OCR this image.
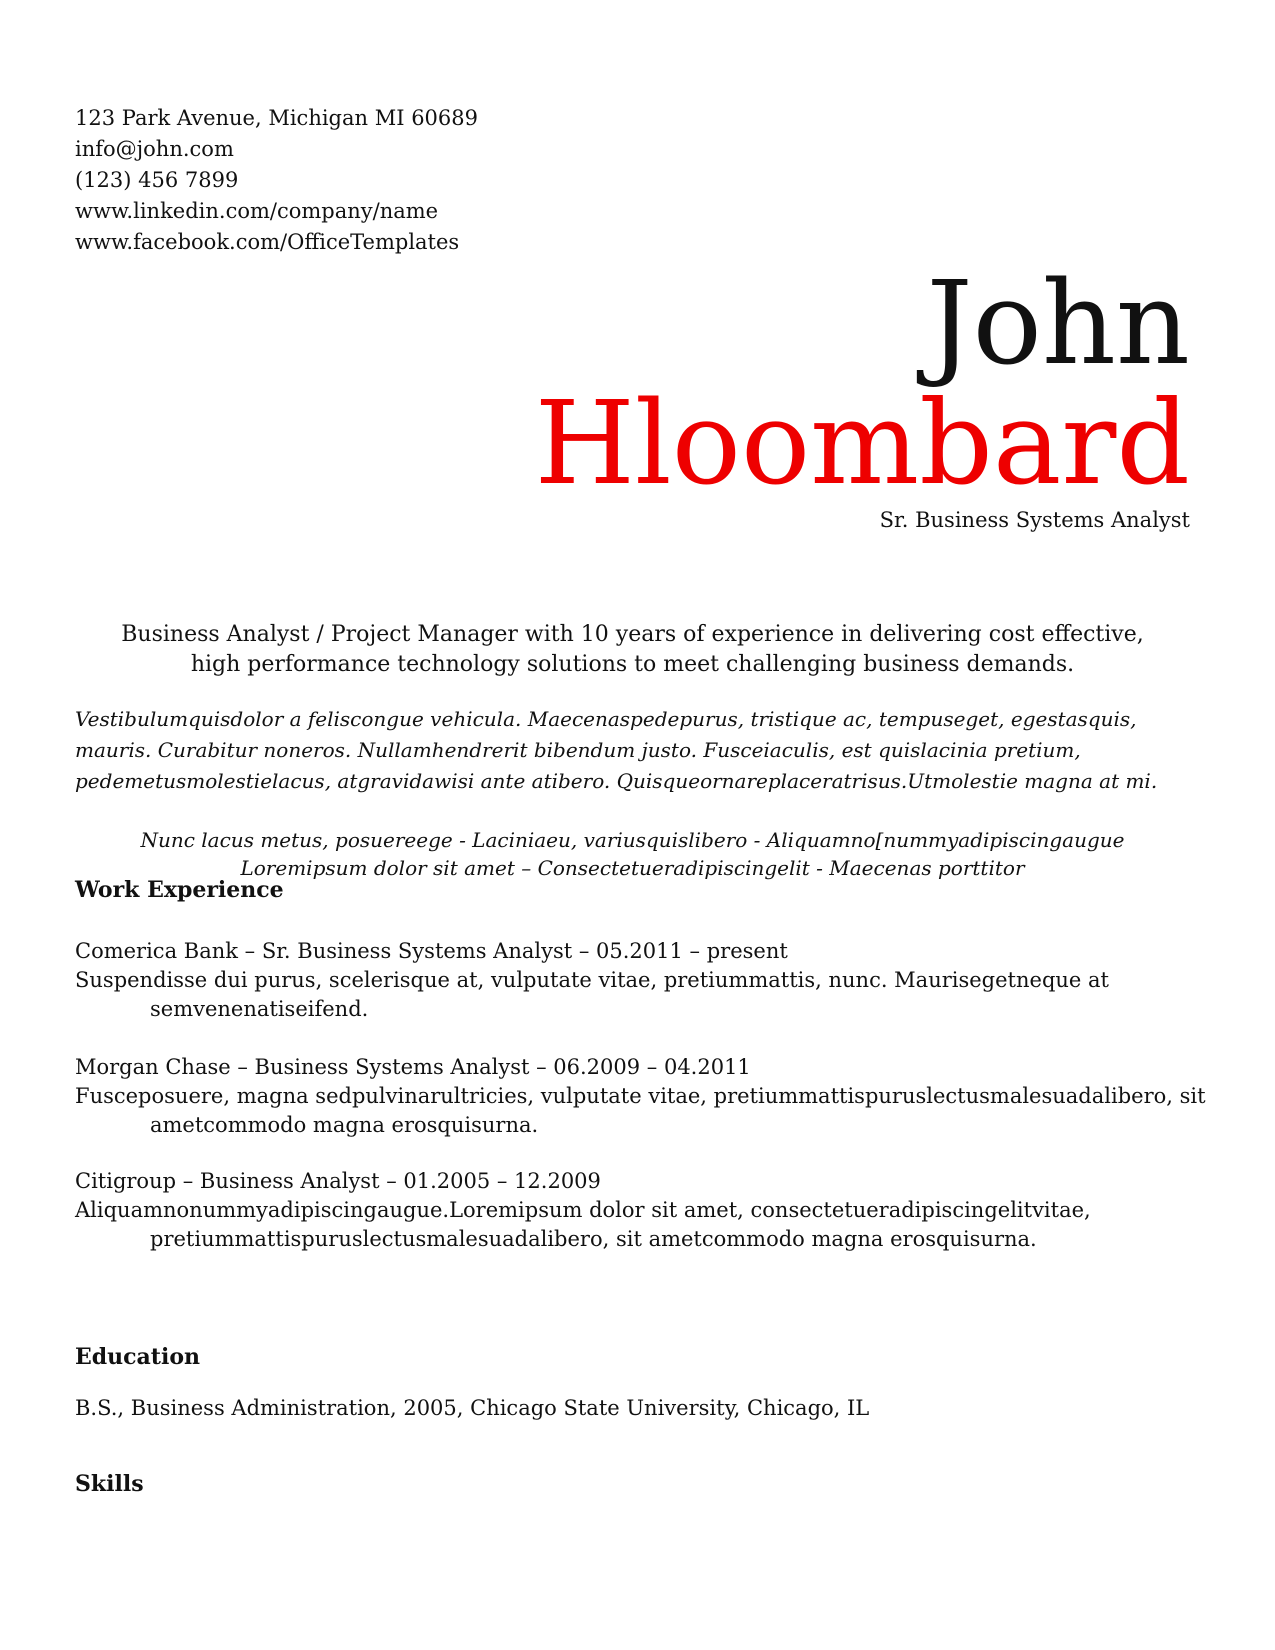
123 Park Avenue, Michigan MI 60689
info@john.com
(123) 456 7899
www.linkedin.com/company/name
www.facebook.com/OfficeTemplates
John
Hloombard
Sr. Business Systems Analyst
Business Analyst / Project Manager with 10 years of experience in delivering cost effective,
high performance technology solutions to meet challenging business demands.
Vestibulumquisdolor a feliscongue vehicula. Maecenaspedepurus, tristique ac, tempuseget, egestasquis,
mauris. Curabitur noneros. Nullamhendrerit bibendum justo. Fusceiaculis, est quislacinia pretium,
pedemetusmolestielacus, atgravidawisi ante atibero. Quisqueornareplaceratrisus.Utmolestie magna at mi.
Nunc lacus metus, posuereege - Laciniaeu, variusquislibero - Aliquamno[nummyadipiscingaugue
Loremipsum dolor sit amet – Consectetueradipiscingelit - Maecenas porttitor
Work Experience
Comerica Bank – Sr. Business Systems Analyst – 05.2011 – present
Suspendisse dui purus, scelerisque at, vulputate vitae, pretiummattis, nunc. Maurisegetneque at
semvenenatiseifend.
Morgan Chase – Business Systems Analyst – 06.2009 – 04.2011
Fusceposuere, magna sedpulvinarultricies, vulputate vitae, pretiummattispuruslectusmalesuadalibero, sit
ametcommodo magna erosquisurna.
Citigroup – Business Analyst – 01.2005 – 12.2009
Aliquamnonummyadipiscingaugue.Loremipsum dolor sit amet, consectetueradipiscingelitvitae,
pretiummattispuruslectusmalesuadalibero, sit ametcommodo magna erosquisurna.
Education
B.S., Business Administration, 2005, Chicago State University, Chicago, IL
Skills
